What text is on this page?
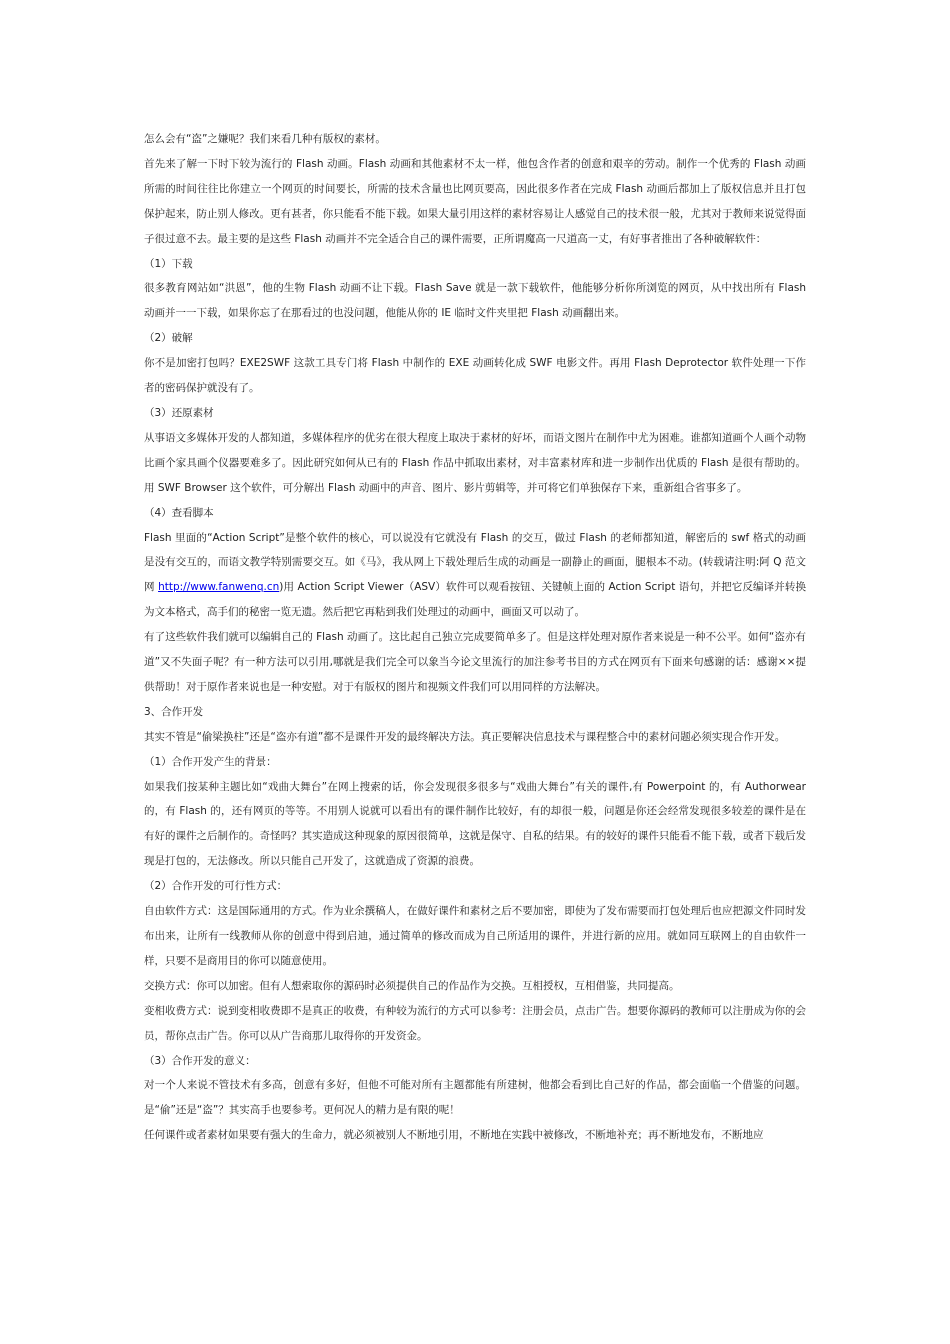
怎么会有“盗”之嫌呢？我们来看几种有版权的素材。

首先来了解一下时下较为流行的 Flash 动画。Flash 动画和其他素材不太一样，他包含作者的创意和艰辛的劳动。制作一个优秀的 Flash 动画所需的时间往往比你建立一个网页的时间要长，所需的技术含量也比网页要高，因此很多作者在完成 Flash 动画后都加上了版权信息并且打包保护起来，防止别人修改。更有甚者，你只能看不能下载。如果大量引用这样的素材容易让人感觉自己的技术很一般，尤其对于教师来说觉得面子很过意不去。最主要的是这些 Flash 动画并不完全适合自己的课件需要，正所谓魔高一尺道高一丈，有好事者推出了各种破解软件：

（1）下载

很多教育网站如“洪恩”，他的生物 Flash 动画不让下载。Flash Save 就是一款下载软件，他能够分析你所浏览的网页，从中找出所有 Flash 动画并一一下载，如果你忘了在那看过的也没问题，他能从你的 IE 临时文件夹里把 Flash 动画翻出来。

（2）破解

你不是加密打包吗？EXE2SWF 这款工具专门将 Flash 中制作的 EXE 动画转化成 SWF 电影文件。再用 Flash Deprotector 软件处理一下作者的密码保护就没有了。

（3）还原素材

从事语文多媒体开发的人都知道，多媒体程序的优劣在很大程度上取决于素材的好坏，而语文图片在制作中尤为困难。谁都知道画个人画个动物比画个家具画个仪器要难多了。因此研究如何从已有的 Flash 作品中抓取出素材，对丰富素材库和进一步制作出优质的 Flash 是很有帮助的。用 SWF Browser 这个软件，可分解出 Flash 动画中的声音、图片、影片剪辑等，并可将它们单独保存下来，重新组合省事多了。

（4）查看脚本

Flash 里面的“Action Script”是整个软件的核心，可以说没有它就没有 Flash 的交互，做过 Flash 的老师都知道，解密后的 swf 格式的动画是没有交互的，而语文教学特别需要交互。如《马》，我从网上下载处理后生成的动画是一副静止的画面，腿根本不动。(转载请注明:阿 Q 范文网 http://www.fanwenq.cn)用 Action Script Viewer（ASV）软件可以观看按钮、关键帧上面的 Action Script 语句，并把它反编译并转换为文本格式，高手们的秘密一览无遗。然后把它再粘到我们处理过的动画中，画面又可以动了。

有了这些软件我们就可以编辑自己的 Flash 动画了。这比起自己独立完成要简单多了。但是这样处理对原作者来说是一种不公平。如何“盗亦有道”又不失面子呢？有一种方法可以引用,哪就是我们完全可以象当今论文里流行的加注参考书目的方式在网页有下面来句感谢的话：感谢××提供帮助！对于原作者来说也是一种安慰。对于有版权的图片和视频文件我们可以用同样的方法解决。

3、合作开发

其实不管是“偷梁换柱”还是“盗亦有道”都不是课件开发的最终解决方法。真正要解决信息技术与课程整合中的素材问题必须实现合作开发。

（1）合作开发产生的背景：

如果我们按某种主题比如“戏曲大舞台”在网上搜索的话，你会发现很多很多与“戏曲大舞台”有关的课件,有 Powerpoint 的，有 Authorwear 的，有 Flash 的，还有网页的等等。不用别人说就可以看出有的课件制作比较好，有的却很一般，问题是你还会经常发现很多较差的课件是在有好的课件之后制作的。奇怪吗？其实造成这种现象的原因很简单，这就是保守、自私的结果。有的较好的课件只能看不能下载，或者下载后发现是打包的，无法修改。所以只能自己开发了，这就造成了资源的浪费。

（2）合作开发的可行性方式：

自由软件方式：这是国际通用的方式。作为业余撰稿人，在做好课件和素材之后不要加密，即使为了发布需要而打包处理后也应把源文件同时发布出来，让所有一线教师从你的创意中得到启迪，通过简单的修改而成为自己所适用的课件，并进行新的应用。就如同互联网上的自由软件一样，只要不是商用目的你可以随意使用。

交换方式：你可以加密。但有人想索取你的源码时必须提供自己的作品作为交换。互相授权，互相借鉴，共同提高。

变相收费方式：说到变相收费即不是真正的收费，有种较为流行的方式可以参考：注册会员，点击广告。想要你源码的教师可以注册成为你的会员，帮你点击广告。你可以从广告商那儿取得你的开发资金。

（3）合作开发的意义：

对一个人来说不管技术有多高，创意有多好，但他不可能对所有主题都能有所建树，他都会看到比自己好的作品，都会面临一个借鉴的问题。是“偷”还是“盗”？其实高手也要参考。更何况人的精力是有限的呢！

任何课件或者素材如果要有强大的生命力，就必须被别人不断地引用，不断地在实践中被修改，不断地补充；再不断地发布，不断地应
